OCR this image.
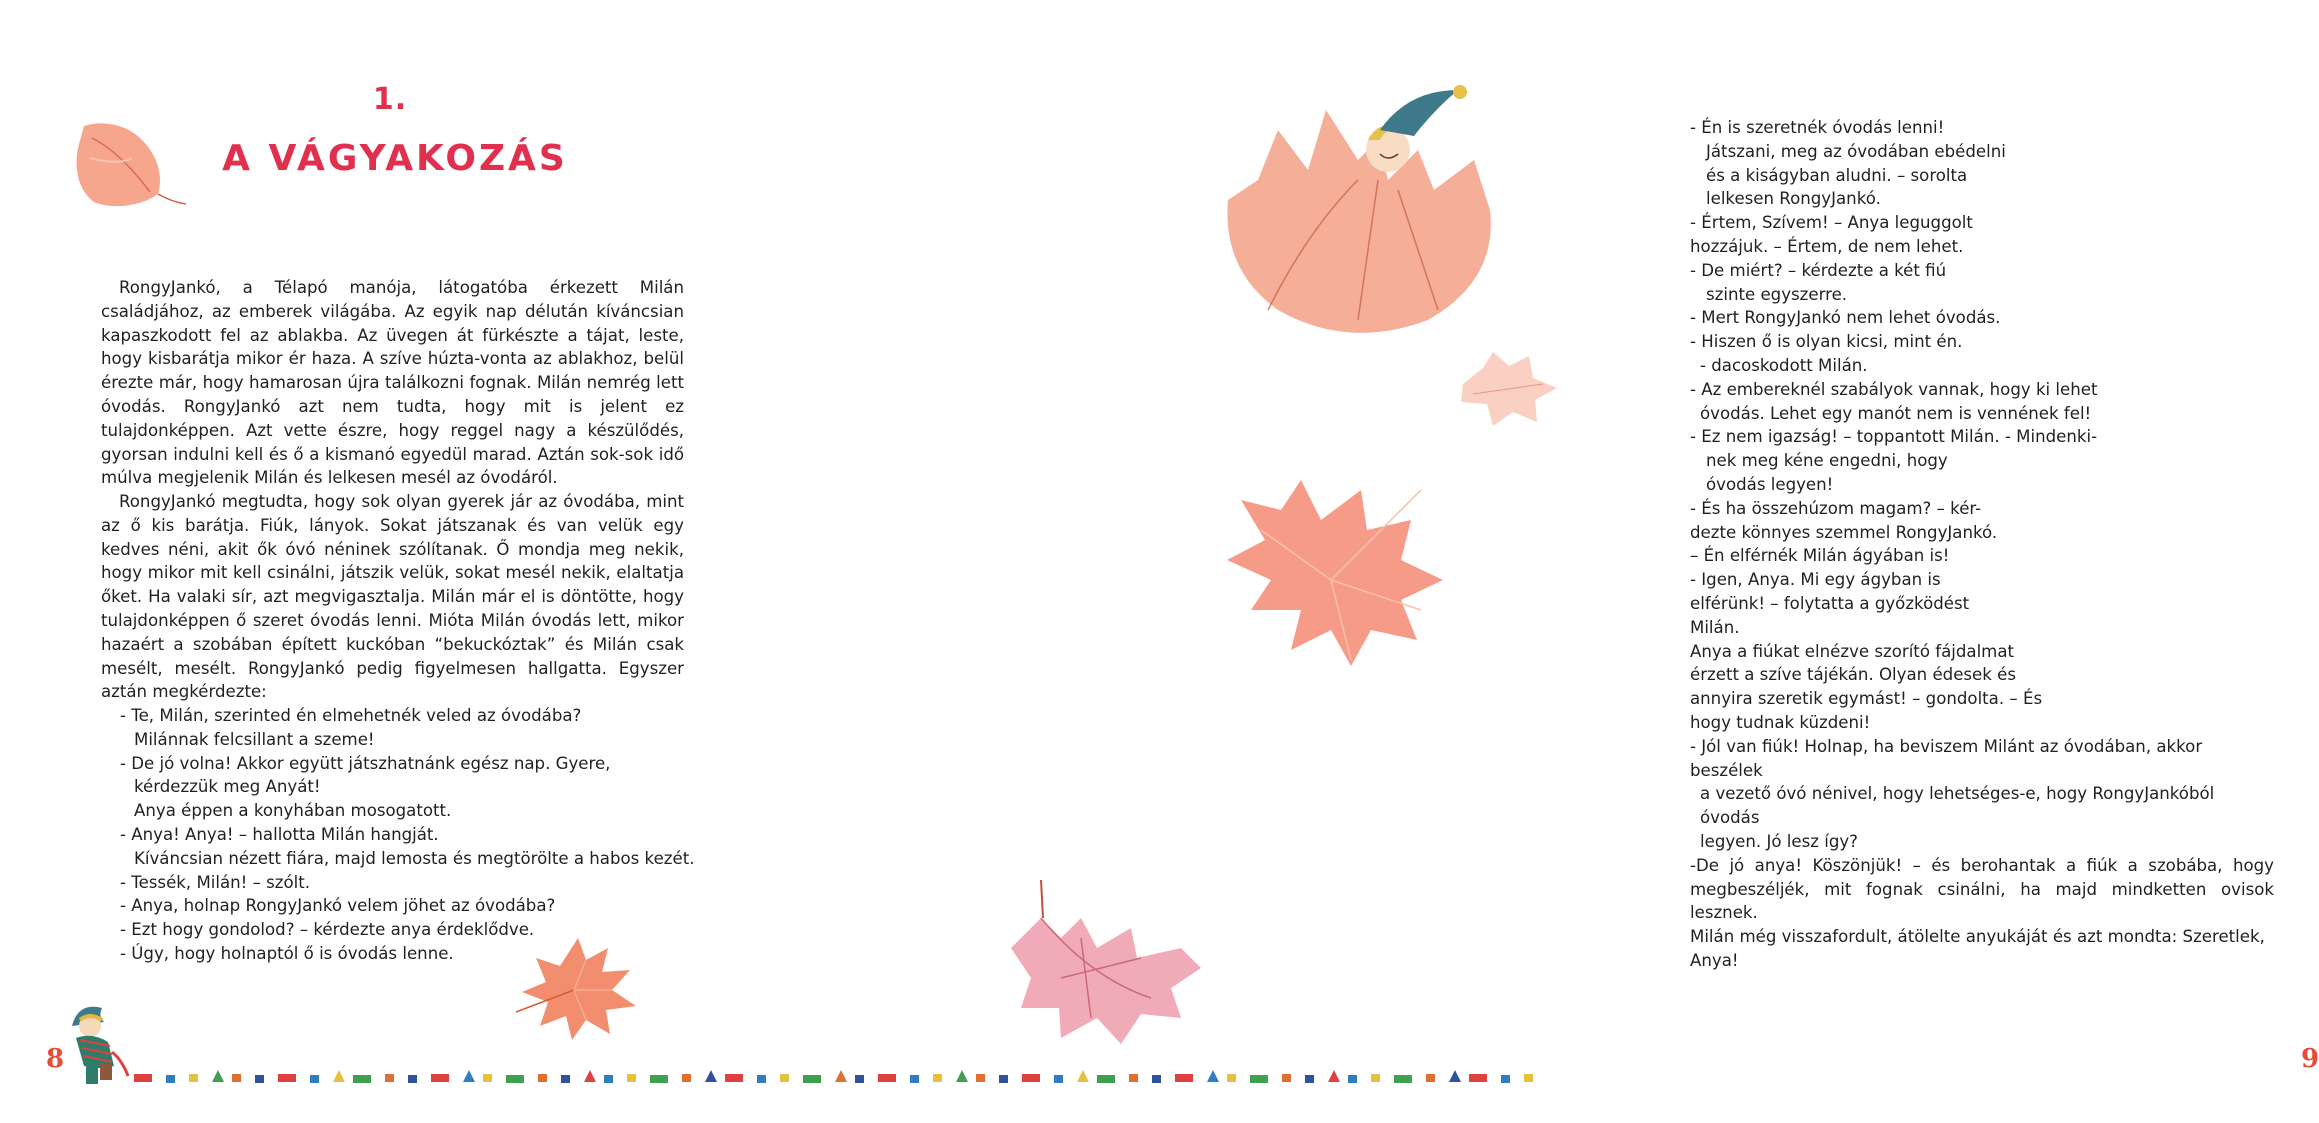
1.
A VÁGYAKOZÁS

RongyJankó, a Télapó manója, látogatóba érkezett Milán családjához, az emberek világába. Az egyik nap délután kíváncsian kapaszkodott fel az ablakba. Az üvegen át fürkészte a tájat, leste, hogy kisbarátja mikor ér haza. A szíve húzta-vonta az ablakhoz, belül érezte már, hogy hamarosan újra találkozni fognak. Milán nemrég lett óvodás. RongyJankó azt nem tudta, hogy mit is jelent ez tulajdonképpen. Azt vette észre, hogy reggel nagy a készülődés, gyorsan indulni kell és ő a kismanó egyedül marad. Aztán sok-sok idő múlva megjelenik Milán és lelkesen mesél az óvodáról.

RongyJankó megtudta, hogy sok olyan gyerek jár az óvodába, mint az ő kis barátja. Fiúk, lányok. Sokat játszanak és van velük egy kedves néni, akit ők óvó néninek szólítanak. Ő mondja meg nekik, hogy mikor mit kell csinálni, játszik velük, sokat mesél nekik, elaltatja őket. Ha valaki sír, azt megvigasztalja. Milán már el is döntötte, hogy tulajdonképpen ő szeret óvodás lenni. Mióta Milán óvodás lett, mikor hazaért a szobában épített kuckóban “bekuckóztak” és Milán csak mesélt, mesélt. RongyJankó pedig figyelmesen hallgatta. Egyszer aztán megkérdezte:

- Te, Milán, szerinted én elmehetnék veled az óvodába?
Milánnak felcsillant a szeme!
- De jó volna! Akkor együtt játszhatnánk egész nap. Gyere, kérdezzük meg Anyát!
Anya éppen a konyhában mosogatott.
- Anya! Anya! – hallotta Milán hangját.
Kíváncsian nézett fiára, majd lemosta és megtörölte a habos kezét.
- Tessék, Milán! – szólt.
- Anya, holnap RongyJankó velem jöhet az óvodába?
- Ezt hogy gondolod? – kérdezte anya érdeklődve.
- Úgy, hogy holnaptól ő is óvodás lenne.
8
- Én is szeretnék óvodás lenni!
Játszani, meg az óvodában ebédelni
és a kiságyban aludni. – sorolta
lelkesen RongyJankó.
- Értem, Szívem! – Anya leguggolt
hozzájuk. – Értem, de nem lehet.
- De miért? – kérdezte a két fiú
szinte egyszerre.
- Mert RongyJankó nem lehet óvodás.
- Hiszen ő is olyan kicsi, mint én.
- dacoskodott Milán.
- Az embereknél szabályok vannak, hogy ki lehet
óvodás. Lehet egy manót nem is vennének fel!
- Ez nem igazság! – toppantott Milán. - Mindenki-
nek meg kéne engedni, hogy
óvodás legyen!
- És ha összehúzom magam? – kér-
dezte könnyes szemmel RongyJankó.
– Én elférnék Milán ágyában is!
- Igen, Anya. Mi egy ágyban is
elférünk! – folytatta a győzködést
Milán.
Anya a fiúkat elnézve szorító fájdalmat
érzett a szíve tájékán. Olyan édesek és
annyira szeretik egymást! – gondolta. – És
hogy tudnak küzdeni!
- Jól van fiúk! Holnap, ha beviszem Milánt az óvodában, akkor beszélek
a vezető óvó nénivel, hogy lehetséges-e, hogy RongyJankóból óvodás
legyen. Jó lesz így?
-De jó anya! Köszönjük! – és berohantak a fiúk a szobába, hogy
megbeszéljék, mit fognak csinálni, ha majd mindketten ovisok lesznek.
Milán még visszafordult, átölelte anyukáját és azt mondta: Szeretlek, Anya!
9
